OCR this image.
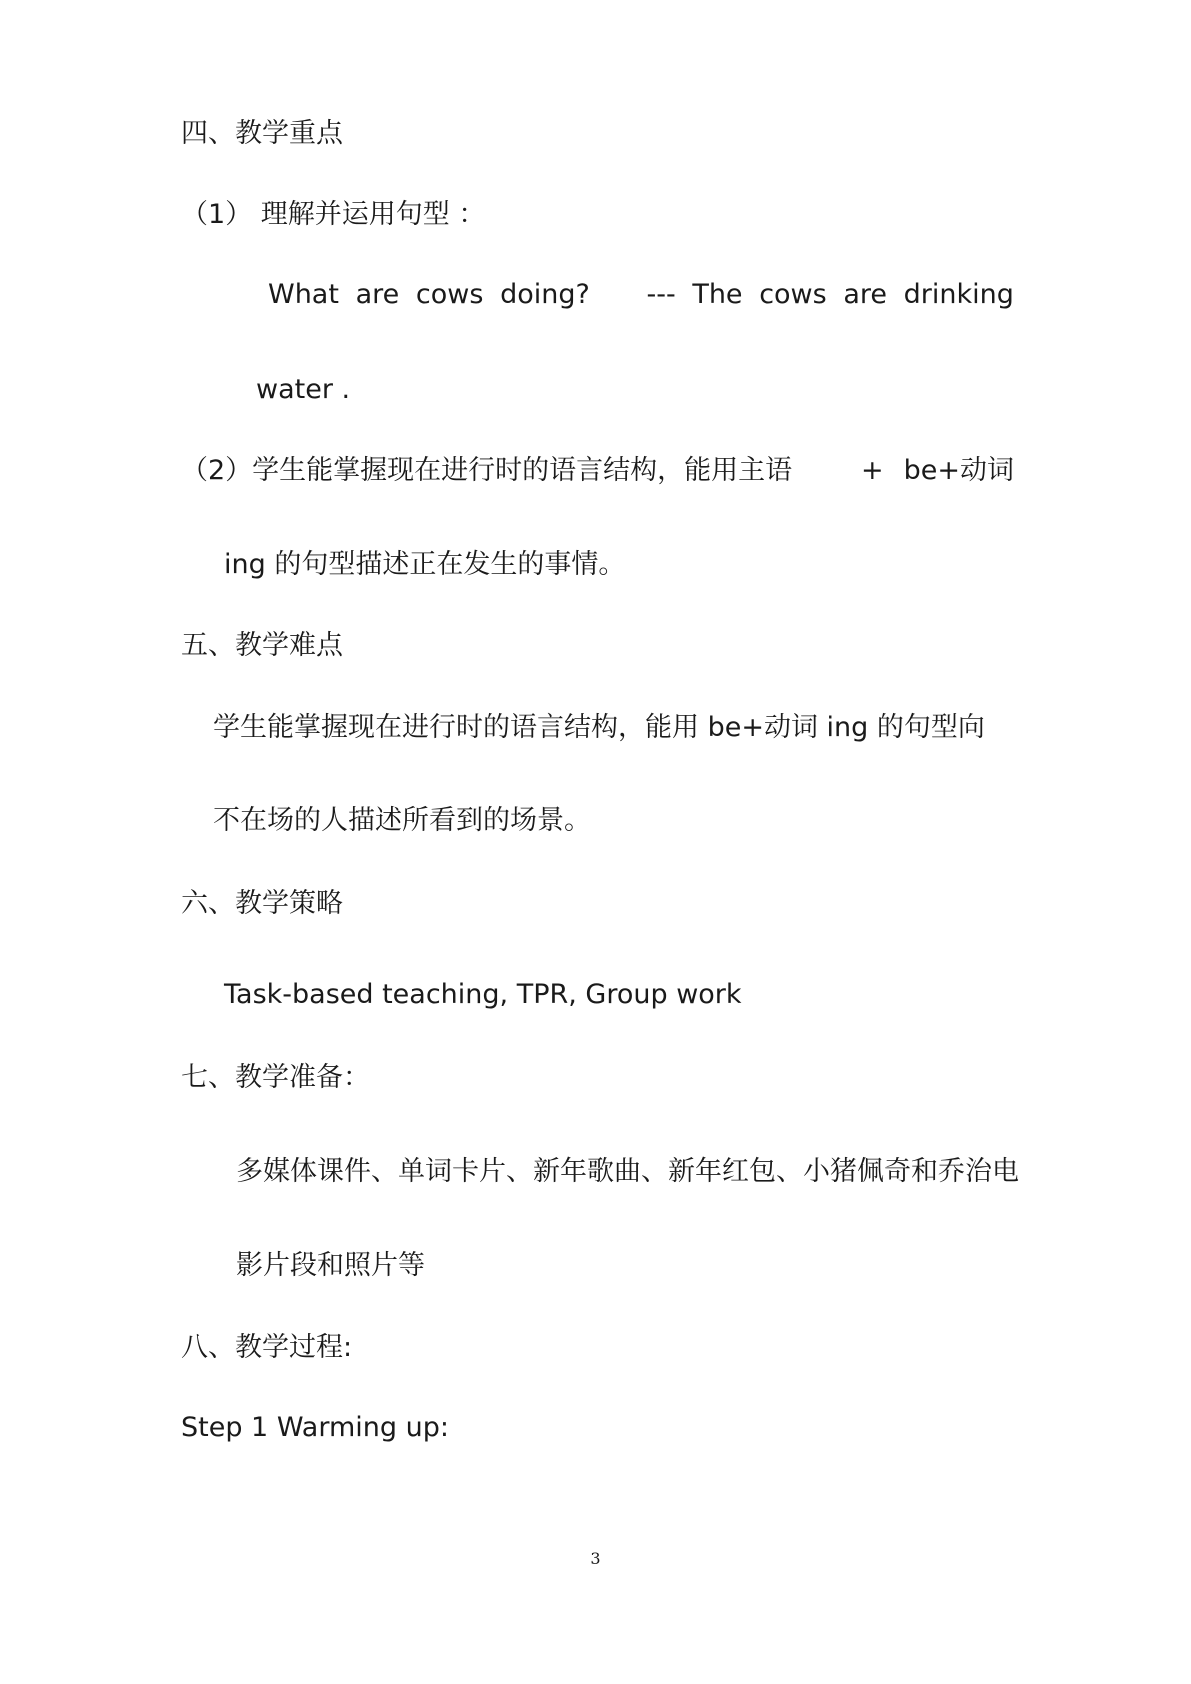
四、教学重点
（1） 理解并运用句型 ：
What are cows doing? --- The cows are drinking
water .
（2）学生能掌握现在进行时的语言结构，能用主语	+ be+动词
ing 的句型描述正在发生的事情。
五、教学难点
学生能掌握现在进行时的语言结构，能用 be+动词 ing 的句型向
不在场的人描述所看到的场景。
六、教学策略
Task-based teaching, TPR, Group work
七、教学准备：
多媒体课件、单词卡片、新年歌曲、新年红包、小猪佩奇和乔治电
影片段和照片等
八、教学过程:
Step 1 Warming up:
3
